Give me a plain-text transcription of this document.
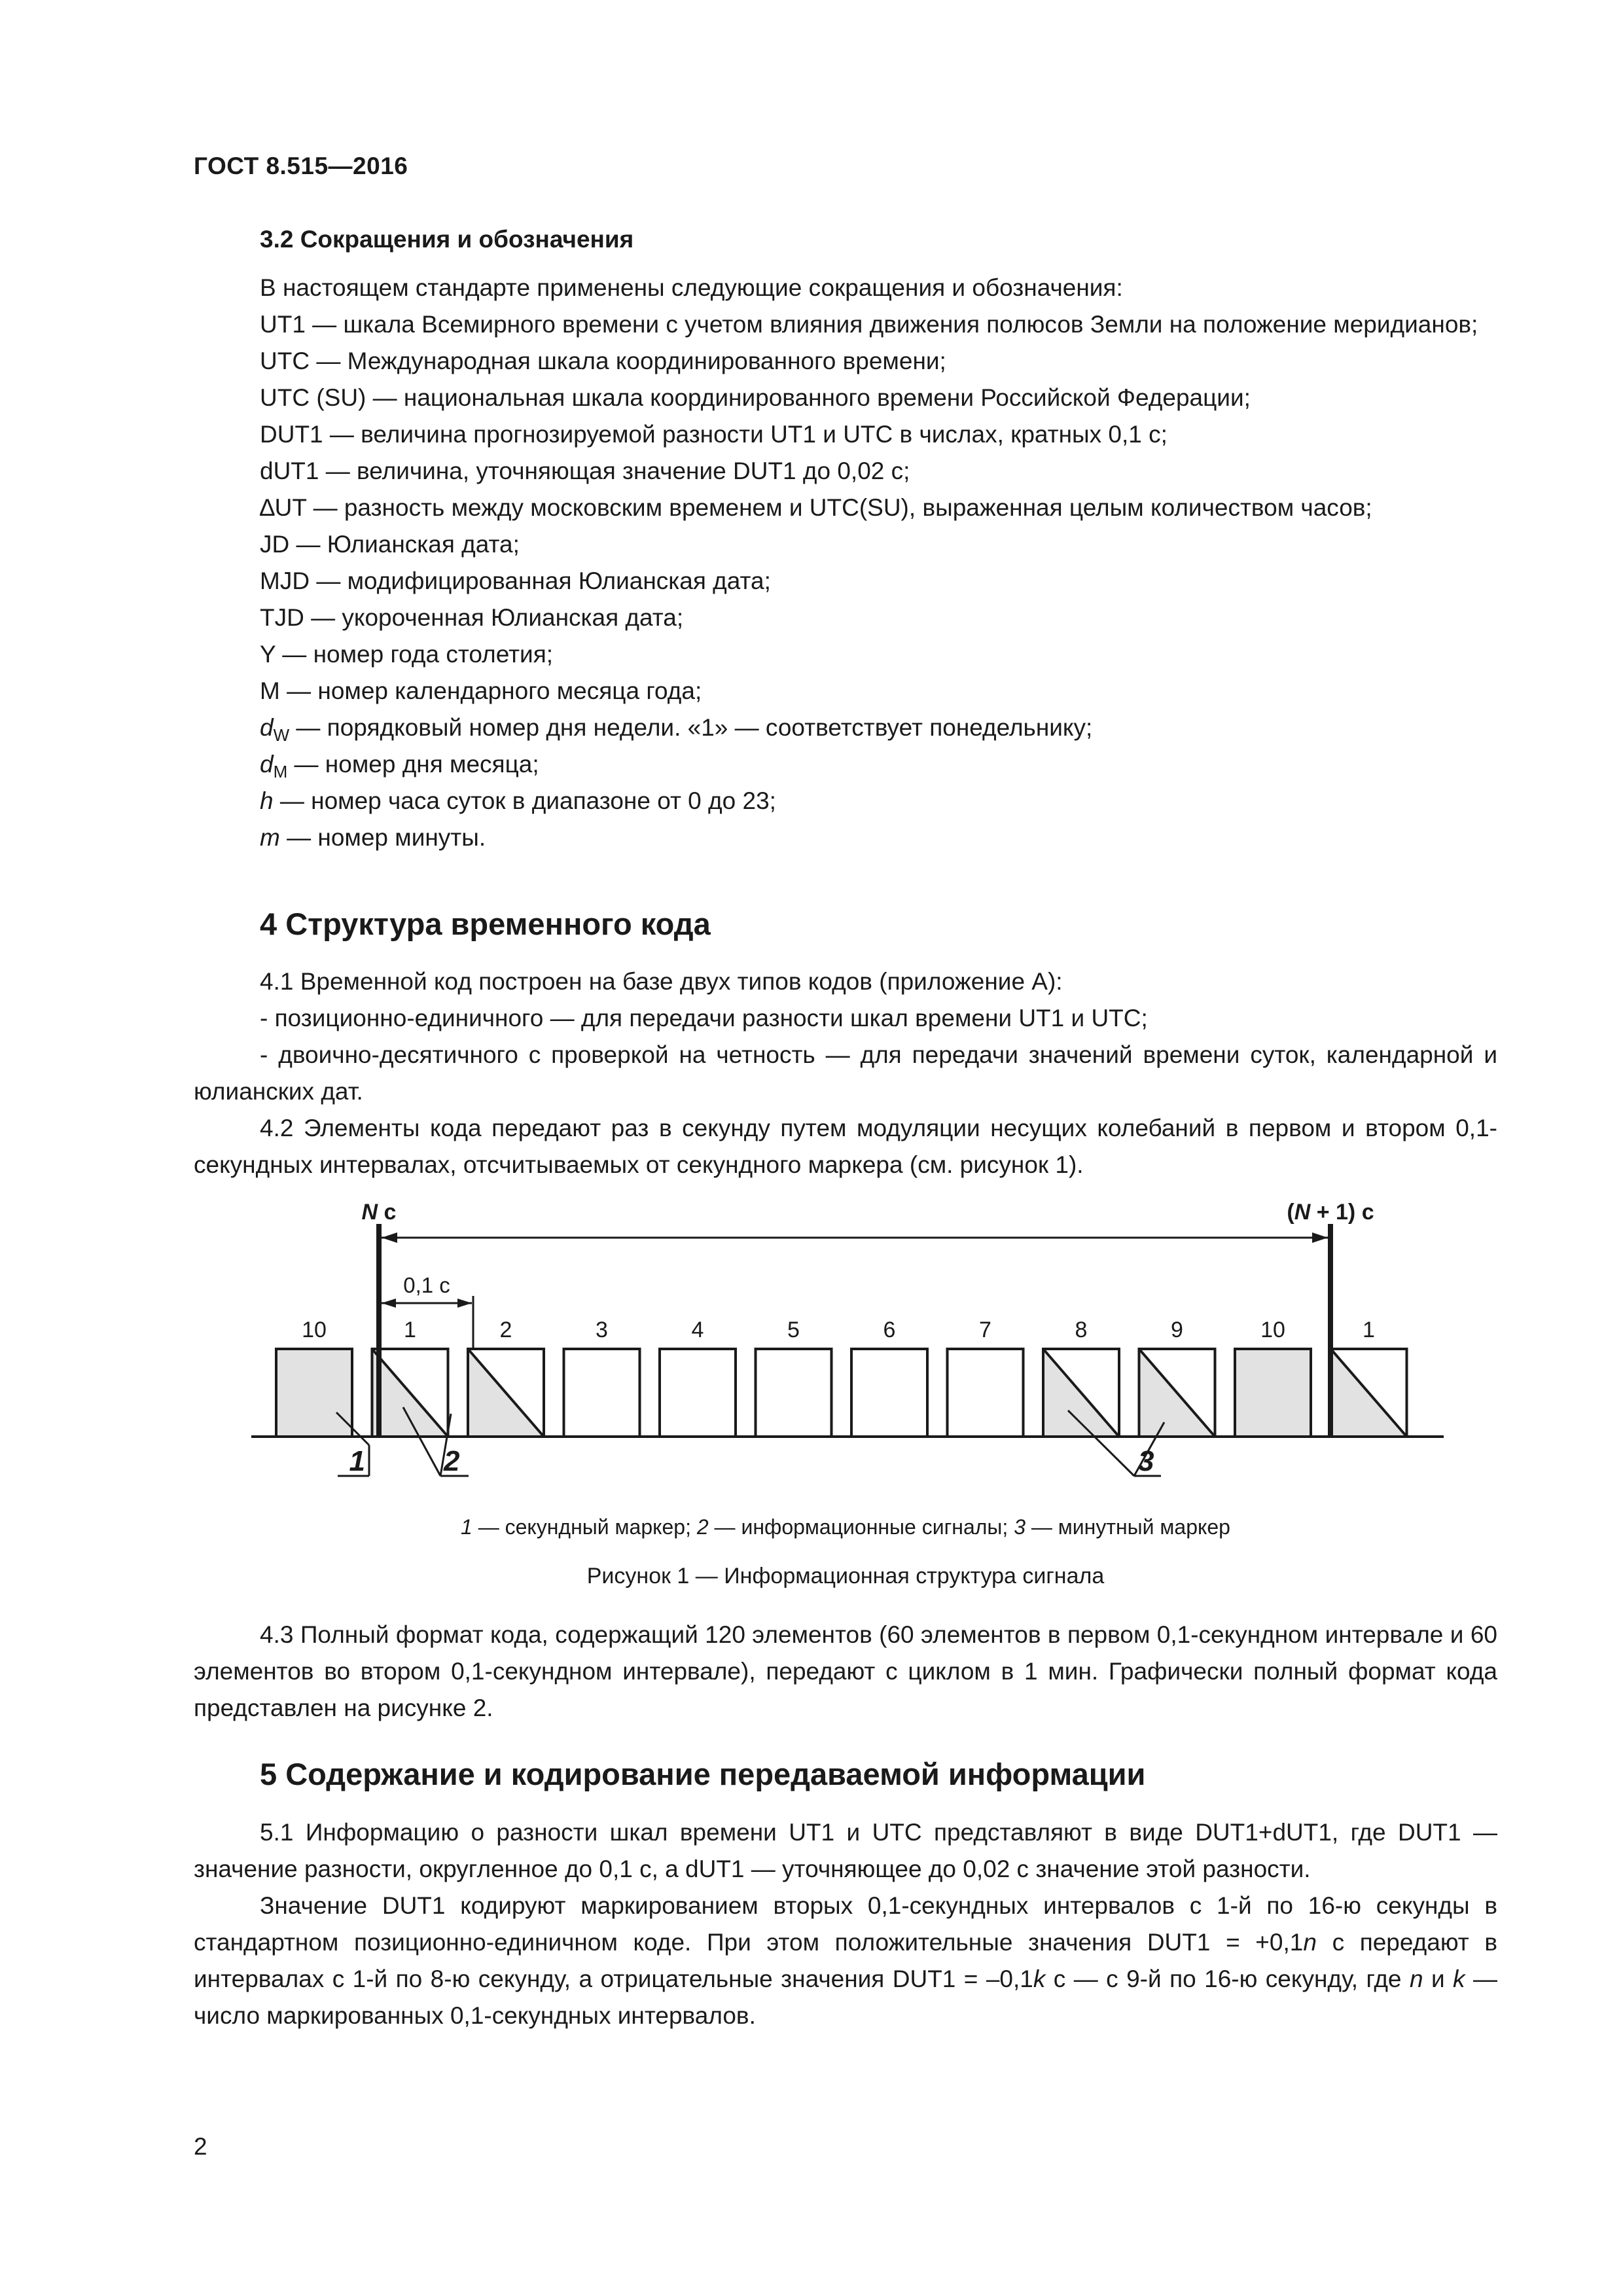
ГОСТ 8.515—2016
3.2 Сокращения и обозначения

В настоящем стандарте применены следующие сокращения и обозначения:

UT1 — шкала Всемирного времени с учетом влияния движения полюсов Земли на положение меридианов;

UTC — Международная шкала координированного времени;

UTC (SU) — национальная шкала координированного времени Российской Федерации;

DUT1 — величина прогнозируемой разности UT1 и UTC в числах, кратных 0,1 с;

dUT1 — величина, уточняющая значение DUT1 до 0,02 с;

∆UT — разность между московским временем и UTC(SU), выраженная целым количеством часов;

JD — Юлианская дата;

MJD — модифицированная Юлианская дата;

TJD — укороченная Юлианская дата;

Y — номер года столетия;

M — номер календарного месяца года;

$d_W$ — порядковый номер дня недели. «1» — соответствует понедельнику;

$d_M$ — номер дня месяца;

h — номер часа суток в диапазоне от 0 до 23;

m — номер минуты.

4 Структура временного кода

4.1 Временной код построен на базе двух типов кодов (приложение А):

- позиционно-единичного — для передачи разности шкал времени UT1 и UTC;

- двоично-десятичного с проверкой на четность — для передачи значений времени суток, календарной и юлианских дат.

4.2 Элементы кода передают раз в секунду путем модуляции несущих колебаний в первом и втором 0,1-секундных интервалах, отсчитываемых от секундного маркера (см. рисунок 1).

10	1	2	3	4	5	6	7	8	9	10	1
N с	(N + 1) с
0,1 с
1	2	3
1 — секундный маркер; 2 — информационные сигналы; 3 — минутный маркер
Рисунок 1 — Информационная структура сигнала

4.3 Полный формат кода, содержащий 120 элементов (60 элементов в первом 0,1-секундном интервале и 60 элементов во втором 0,1-секундном интервале), передают с циклом в 1 мин. Графически полный формат кода представлен на рисунке 2.

5 Содержание и кодирование передаваемой информации

5.1 Информацию о разности шкал времени UT1 и UTC представляют в виде DUT1+dUT1, где DUT1 — значение разности, округленное до 0,1 с, а dUT1 — уточняющее до 0,02 с значение этой разности.

Значение DUT1 кодируют маркированием вторых 0,1-секундных интервалов с 1-й по 16-ю секунды в стандартном позиционно-единичном коде. При этом положительные значения DUT1 = +0,1n с передают в интервалах с 1-й по 8-ю секунду, а отрицательные значения DUT1 = –0,1k с — с 9-й по 16-ю секунду, где n и k — число маркированных 0,1-секундных интервалов.

2
